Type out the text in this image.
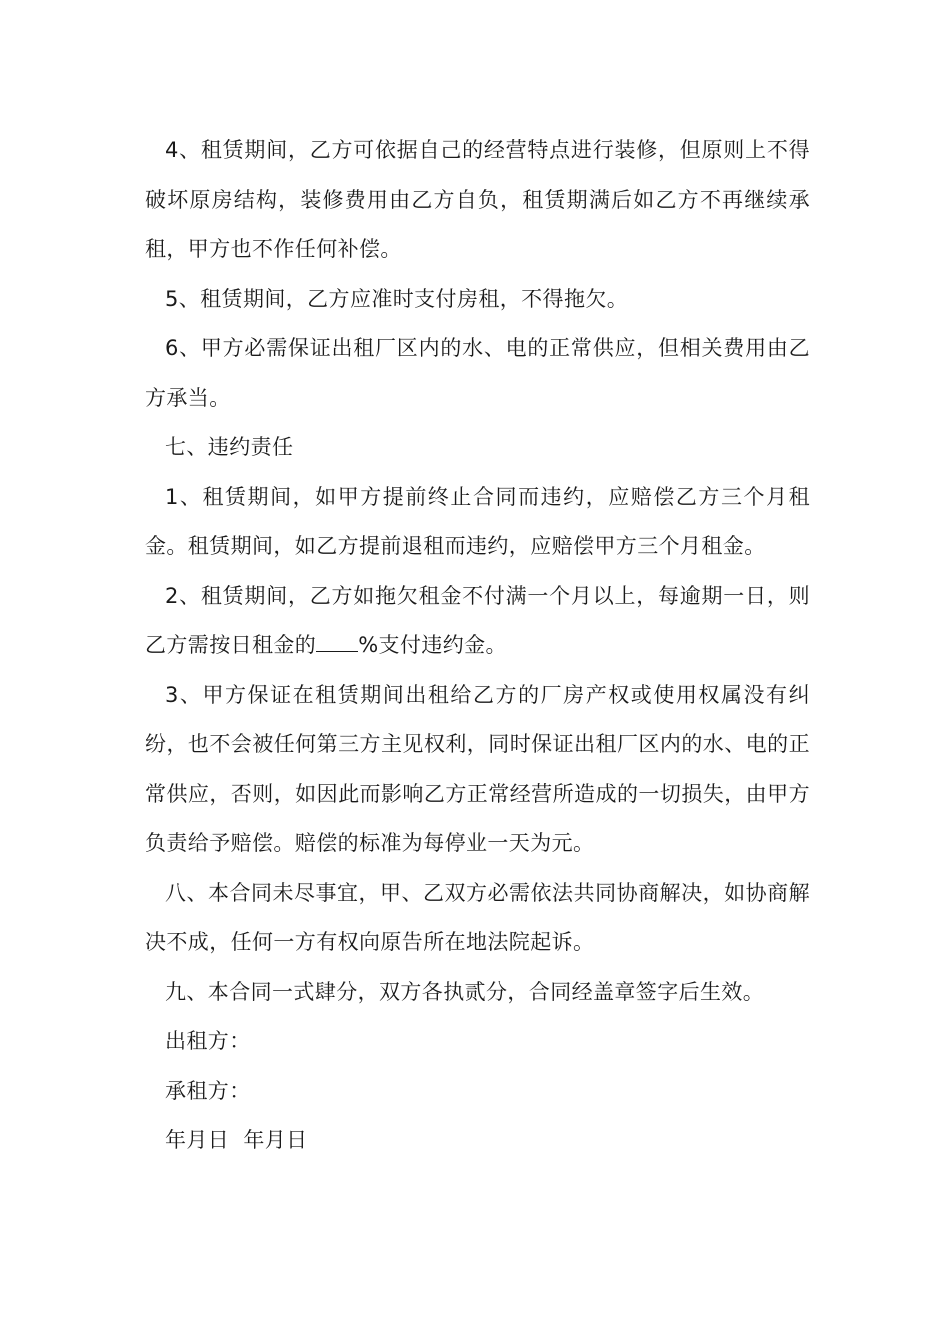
4、租赁期间，乙方可依据自己的经营特点进行装修，但原则上不得破坏原房结构，装修费用由乙方自负，租赁期满后如乙方不再继续承租，甲方也不作任何补偿。

5、租赁期间，乙方应准时支付房租，不得拖欠。

6、甲方必需保证出租厂区内的水、电的正常供应，但相关费用由乙方承当。

七、违约责任

1、租赁期间，如甲方提前终止合同而违约，应赔偿乙方三个月租金。租赁期间，如乙方提前退租而违约，应赔偿甲方三个月租金。

2、租赁期间，乙方如拖欠租金不付满一个月以上，每逾期一日，则乙方需按日租金的 %支付违约金。

3、甲方保证在租赁期间出租给乙方的厂房产权或使用权属没有纠纷，也不会被任何第三方主见权利，同时保证出租厂区内的水、电的正常供应，否则，如因此而影响乙方正常经营所造成的一切损失，由甲方负责给予赔偿。赔偿的标准为每停业一天为元。

八、本合同未尽事宜，甲、乙双方必需依法共同协商解决，如协商解决不成，任何一方有权向原告所在地法院起诉。

九、本合同一式肆分，双方各执贰分，合同经盖章签字后生效。

出租方：

承租方：

年月日  年月日
